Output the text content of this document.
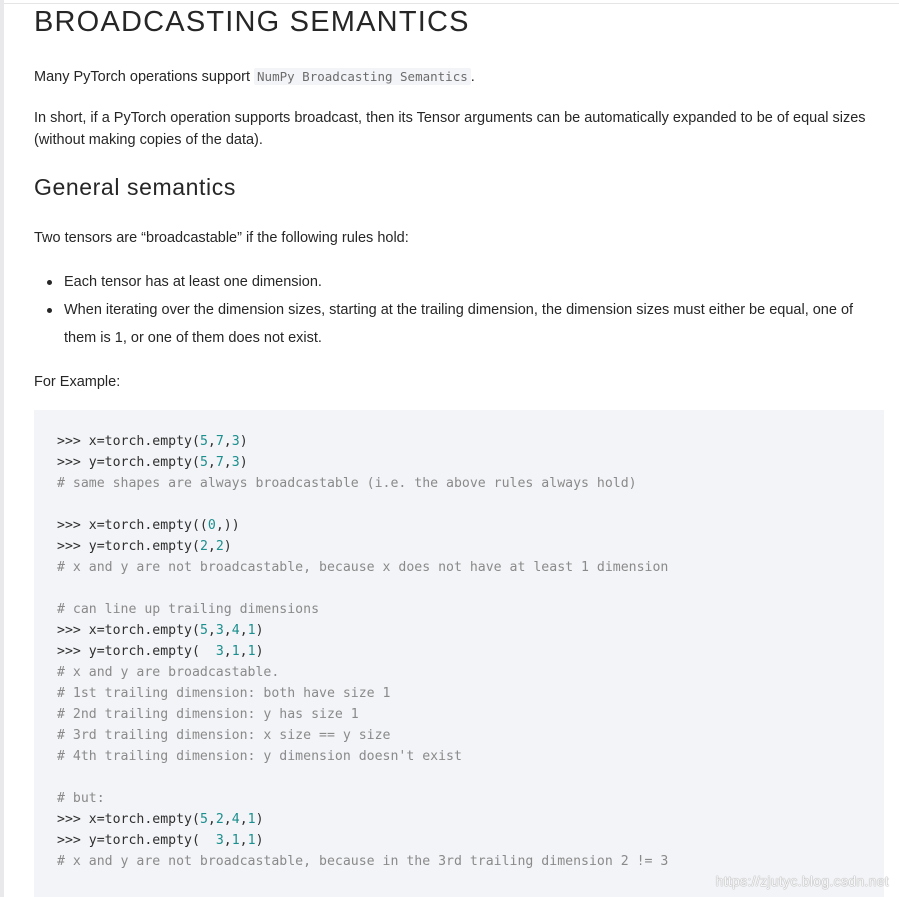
BROADCASTING SEMANTICS

Many PyTorch operations support NumPy Broadcasting Semantics .

In short, if a PyTorch operation supports broadcast, then its Tensor arguments can be automatically expanded to be of equal sizes (without making copies of the data).

General semantics

Two tensors are “broadcastable” if the following rules hold:

Each tensor has at least one dimension.
When iterating over the dimension sizes, starting at the trailing dimension, the dimension sizes must either be equal, one of them is 1, or one of them does not exist.

For Example:

>>> x=torch.empty(5,7,3)
>>> y=torch.empty(5,7,3)
# same shapes are always broadcastable (i.e. the above rules always hold)
>>> x=torch.empty((0,))
>>> y=torch.empty(2,2)
# x and y are not broadcastable, because x does not have at least 1 dimension
# can line up trailing dimensions
>>> x=torch.empty(5,3,4,1)
>>> y=torch.empty(  3,1,1)
# x and y are broadcastable.
# 1st trailing dimension: both have size 1
# 2nd trailing dimension: y has size 1
# 3rd trailing dimension: x size == y size
# 4th trailing dimension: y dimension doesn't exist
# but:
>>> x=torch.empty(5,2,4,1)
>>> y=torch.empty(  3,1,1)
# x and y are not broadcastable, because in the 3rd trailing dimension 2 != 3
https://zjutyc.blog.csdn.net
